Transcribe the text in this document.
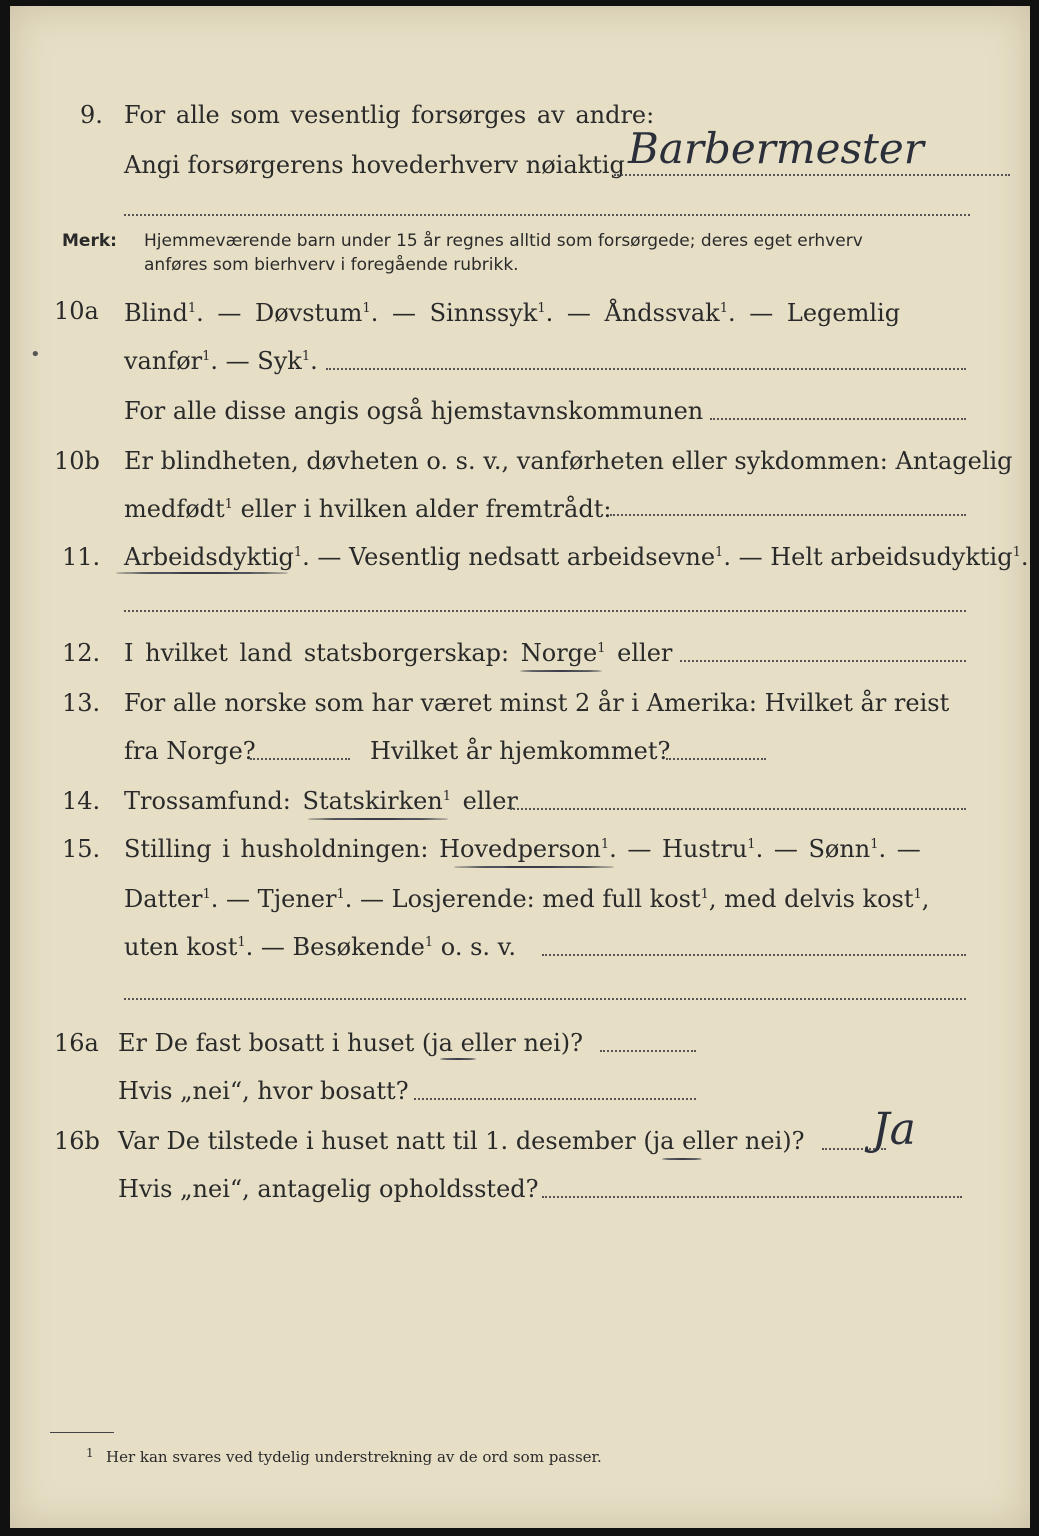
9. For alle som vesentlig forsørges av andre:
Angi forsørgerens hovederhverv nøiaktig Barbermester
Merk: Hjemmeværende barn under 15 år regnes alltid som forsørgede; deres eget erhverv
anføres som bierhverv i foregående rubrikk.
10a Blind$^1$. — Døvstum$^1$. — Sinnssyk$^1$. — Åndssvak$^1$. — Legemlig
•	vanfør$^1$. — Syk$^1$.
For alle disse angis også hjemstavnskommunen
10b Er blindheten, døvheten o. s. v., vanførheten eller sykdommen: Antagelig
medfødt$^1$ eller i hvilken alder fremtrådt:
11. Arbeidsdyktig$^1$. — Vesentlig nedsatt arbeidsevne$^1$. — Helt arbeidsudyktig$^1$.
12. I hvilket land statsborgerskap: Norge$^1$ eller
13. For alle norske som har været minst 2 år i Amerika: Hvilket år reist
fra Norge?	Hvilket år hjemkommet?
14. Trossamfund: Statskirken$^1$ eller
15. Stilling i husholdningen: Hovedperson$^1$. — Hustru$^1$. — Sønn$^1$. —
Datter$^1$. — Tjener$^1$. — Losjerende: med full kost$^1$, med delvis kost$^1$,
uten kost$^1$. — Besøkende$^1$ o. s. v.
16a Er De fast bosatt i huset (ja eller nei)?
Hvis „nei“, hvor bosatt?
16b Var De tilstede i huset natt til 1. desember (ja eller nei)? Ja
Hvis „nei“, antagelig opholdssted?
1 Her kan svares ved tydelig understrekning av de ord som passer.
